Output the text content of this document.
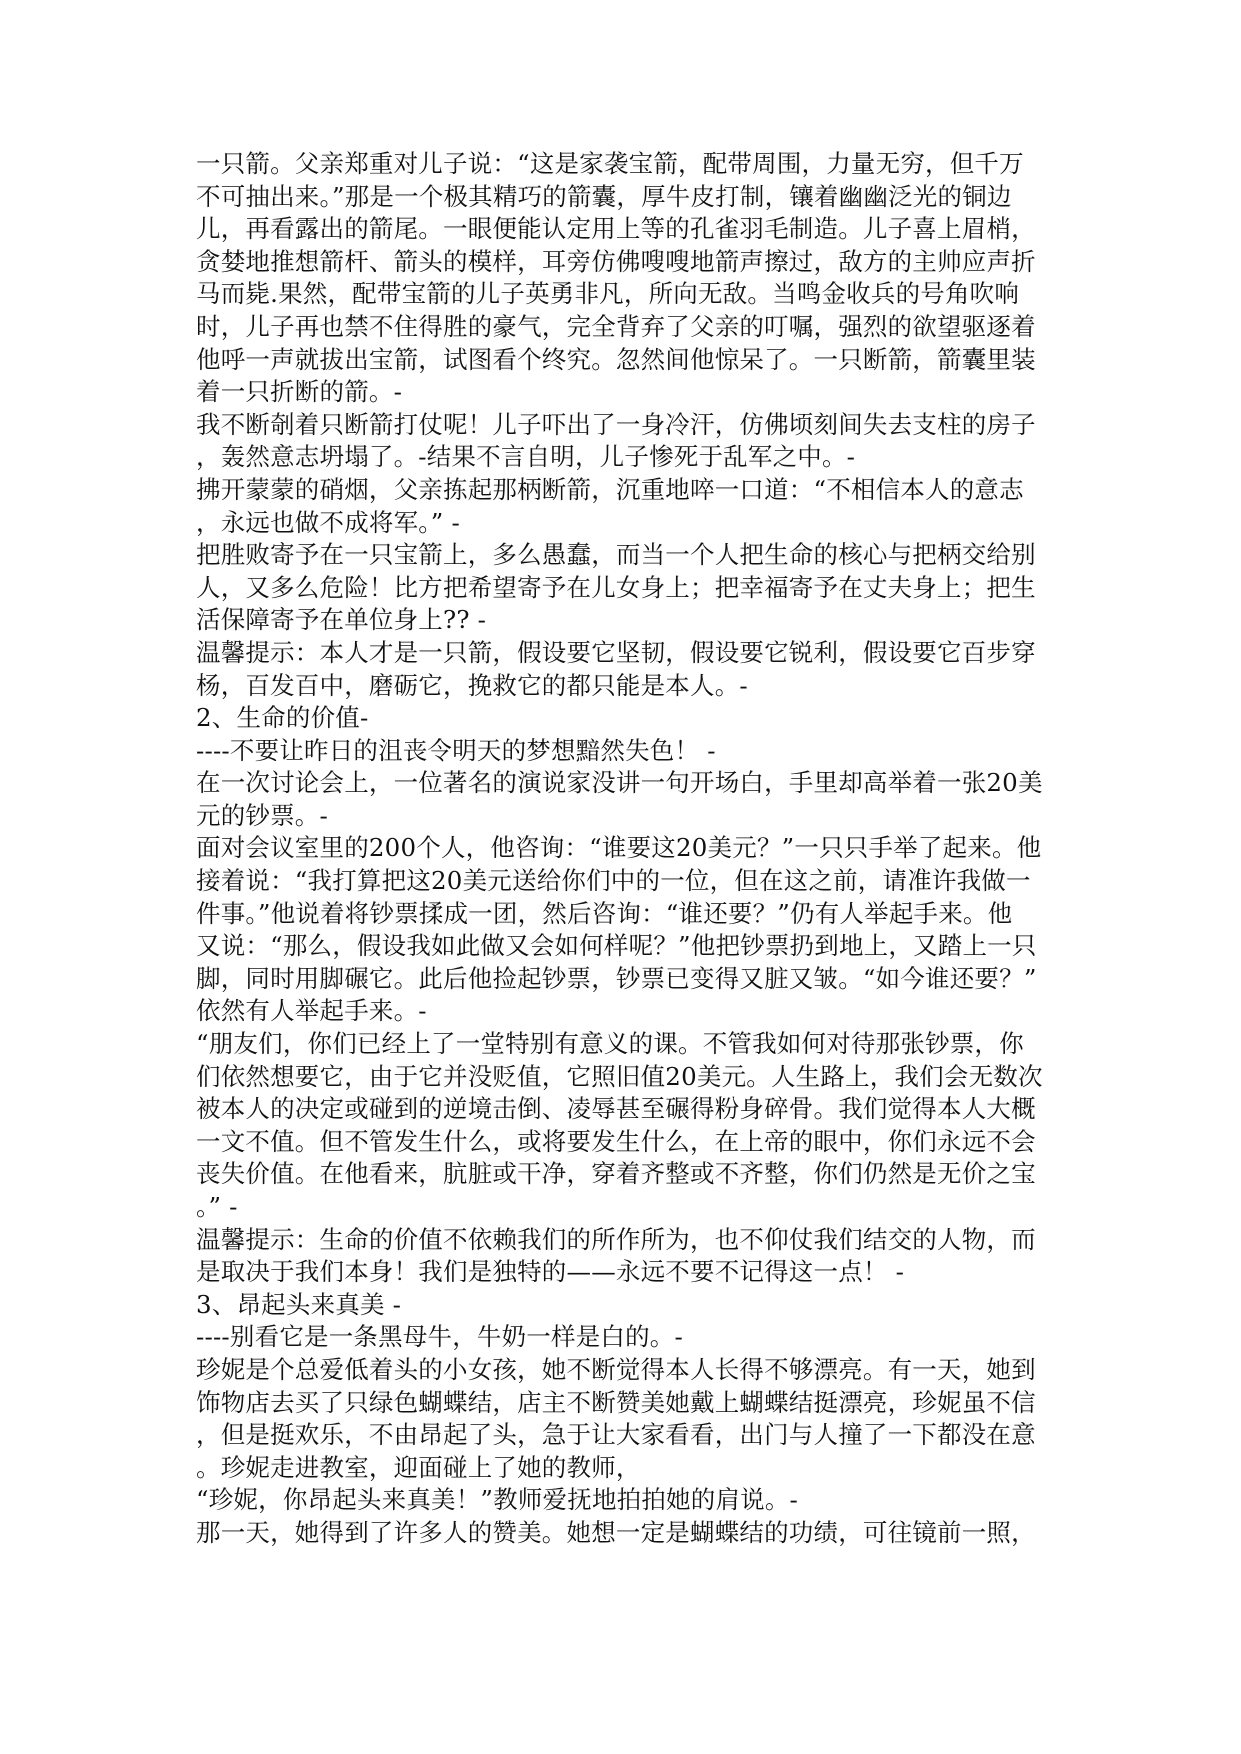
一只箭。父亲郑重对儿子说：“这是家袭宝箭，配带周围，力量无穷，但千万
不可抽出来。”那是一个极其精巧的箭囊，厚牛皮打制，镶着幽幽泛光的铜边
儿，再看露出的箭尾。一眼便能认定用上等的孔雀羽毛制造。儿子喜上眉梢，
贪婪地推想箭杆、箭头的模样，耳旁仿佛嗖嗖地箭声擦过，敌方的主帅应声折
马而毙.果然，配带宝箭的儿子英勇非凡，所向无敌。当鸣金收兵的号角吹响
时，儿子再也禁不住得胜的豪气，完全背弃了父亲的叮嘱，强烈的欲望驱逐着
他呼一声就拔出宝箭，试图看个终究。忽然间他惊呆了。一只断箭，箭囊里装
着一只折断的箭。-
我不断剞着只断箭打仗呢！儿子吓出了一身冷汗，仿佛顷刻间失去支柱的房子
，轰然意志坍塌了。-结果不言自明，儿子惨死于乱军之中。-
拂开蒙蒙的硝烟，父亲拣起那柄断箭，沉重地啐一口道：“不相信本人的意志
，永远也做不成将军。” -
把胜败寄予在一只宝箭上，多么愚蠢，而当一个人把生命的核心与把柄交给别
人，又多么危险！比方把希望寄予在儿女身上；把幸福寄予在丈夫身上；把生
活保障寄予在单位身上?? -
温馨提示：本人才是一只箭，假设要它坚韧，假设要它锐利，假设要它百步穿
杨，百发百中，磨砺它，挽救它的都只能是本人。-
2、生命的价值-
----不要让昨日的沮丧令明天的梦想黯然失色！ -
在一次讨论会上，一位著名的演说家没讲一句开场白，手里却高举着一张20美
元的钞票。-
面对会议室里的200个人，他咨询：“谁要这20美元？”一只只手举了起来。他
接着说：“我打算把这20美元送给你们中的一位，但在这之前，请准许我做一
件事。”他说着将钞票揉成一团，然后咨询：“谁还要？”仍有人举起手来。他
又说：“那么，假设我如此做又会如何样呢？”他把钞票扔到地上，又踏上一只
脚，同时用脚碾它。此后他捡起钞票，钞票已变得又脏又皱。“如今谁还要？”
依然有人举起手来。-
“朋友们，你们已经上了一堂特别有意义的课。不管我如何对待那张钞票，你
们依然想要它，由于它并没贬值，它照旧值20美元。人生路上，我们会无数次
被本人的决定或碰到的逆境击倒、凌辱甚至碾得粉身碎骨。我们觉得本人大概
一文不值。但不管发生什么，或将要发生什么，在上帝的眼中，你们永远不会
丧失价值。在他看来，肮脏或干净，穿着齐整或不齐整，你们仍然是无价之宝
。” -
温馨提示：生命的价值不依赖我们的所作所为，也不仰仗我们结交的人物，而
是取决于我们本身！我们是独特的——永远不要不记得这一点！ -
3、昂起头来真美 -
----别看它是一条黑母牛，牛奶一样是白的。-
珍妮是个总爱低着头的小女孩，她不断觉得本人长得不够漂亮。有一天，她到
饰物店去买了只绿色蝴蝶结，店主不断赞美她戴上蝴蝶结挺漂亮，珍妮虽不信
，但是挺欢乐，不由昂起了头，急于让大家看看，出门与人撞了一下都没在意
。珍妮走进教室，迎面碰上了她的教师，
“珍妮，你昂起头来真美！”教师爱抚地拍拍她的肩说。-
那一天，她得到了许多人的赞美。她想一定是蝴蝶结的功绩，可往镜前一照，
